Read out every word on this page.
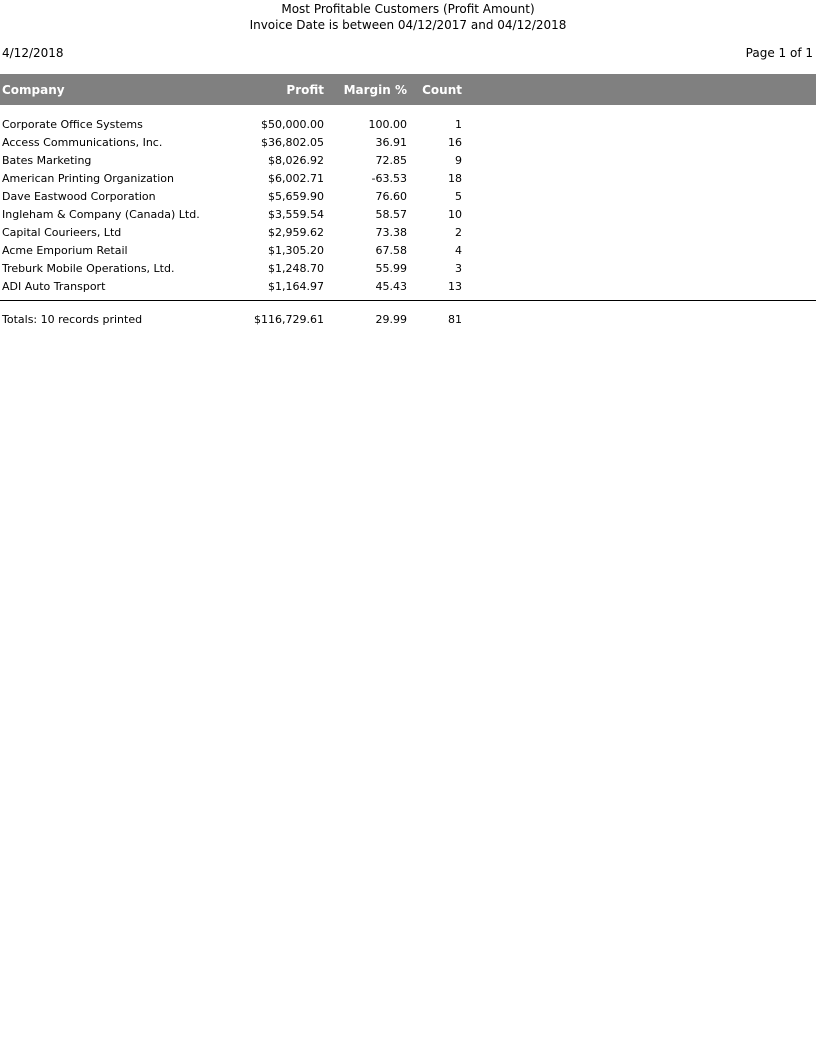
Most Profitable Customers (Profit Amount)
Invoice Date is between 04/12/2017 and 04/12/2018
4/12/2018	Page 1 of 1
Company	Profit	Margin %	Count
Corporate Office Systems	$50,000.00	100.00	1
Access Communications, Inc.	$36,802.05	36.91	16
Bates Marketing	$8,026.92	72.85	9
American Printing Organization	$6,002.71	-63.53	18
Dave Eastwood Corporation	$5,659.90	76.60	5
Ingleham & Company (Canada) Ltd.	$3,559.54	58.57	10
Capital Courieers, Ltd	$2,959.62	73.38	2
Acme Emporium Retail	$1,305.20	67.58	4
Treburk Mobile Operations, Ltd.	$1,248.70	55.99	3
ADI Auto Transport	$1,164.97	45.43	13
Totals: 10 records printed	$116,729.61	29.99	81
